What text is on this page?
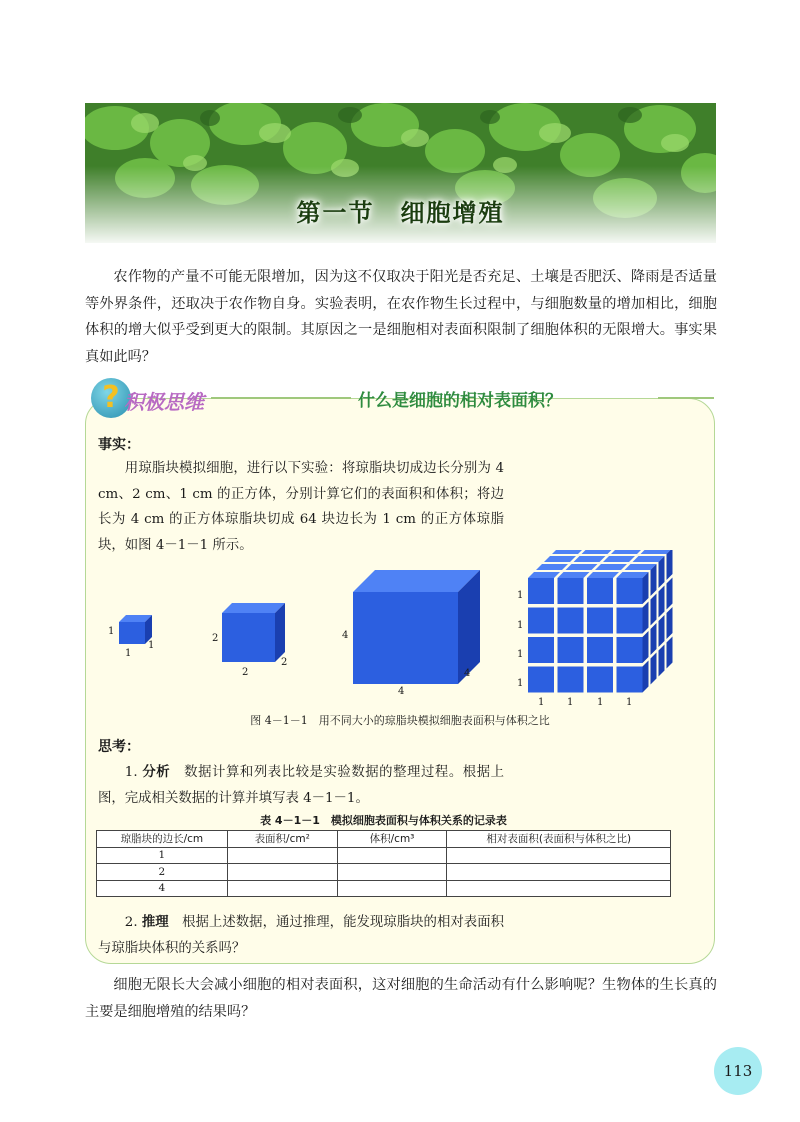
第一节　细胞增殖

农作物的产量不可能无限增加，因为这不仅取决于阳光是否充足、土壤是否肥沃、降雨是否适量等外界条件，还取决于农作物自身。实验表明，在农作物生长过程中，与细胞数量的增加相比，细胞体积的增大似乎受到更大的限制。其原因之一是细胞相对表面积限制了细胞体积的无限增大。事实果真如此吗？

? 积极思维	什么是细胞的相对表面积？
事实：

用琼脂块模拟细胞，进行以下实验：将琼脂块切成边长分别为 4 cm、2 cm、1 cm 的正方体，分别计算它们的表面积和体积；将边长为 4 cm 的正方体琼脂块切成 64 块边长为 1 cm 的正方体琼脂块，如图 4－1－1 所示。

1
1
1
2
2
2
4
4
4
1
1
1
1
1 1 1 1
图 4－1－1　用不同大小的琼脂块模拟细胞表面积与体积之比
思考：

1. 分析　 数据计算和列表比较是实验数据的整理过程。根据上图，完成相关数据的计算并填写表 4－1－1。

表 4－1－1　模拟细胞表面积与体积关系的记录表
琼脂块的边长/cm	表面积/cm²	体积/cm³	相对表面积(表面积与体积之比)
1			
2			
4			

2. 推理　 根据上述数据，通过推理，能发现琼脂块的相对表面积与琼脂块体积的关系吗？

细胞无限长大会减小细胞的相对表面积，这对细胞的生命活动有什么影响呢？生物体的生长真的主要是细胞增殖的结果吗？

113
